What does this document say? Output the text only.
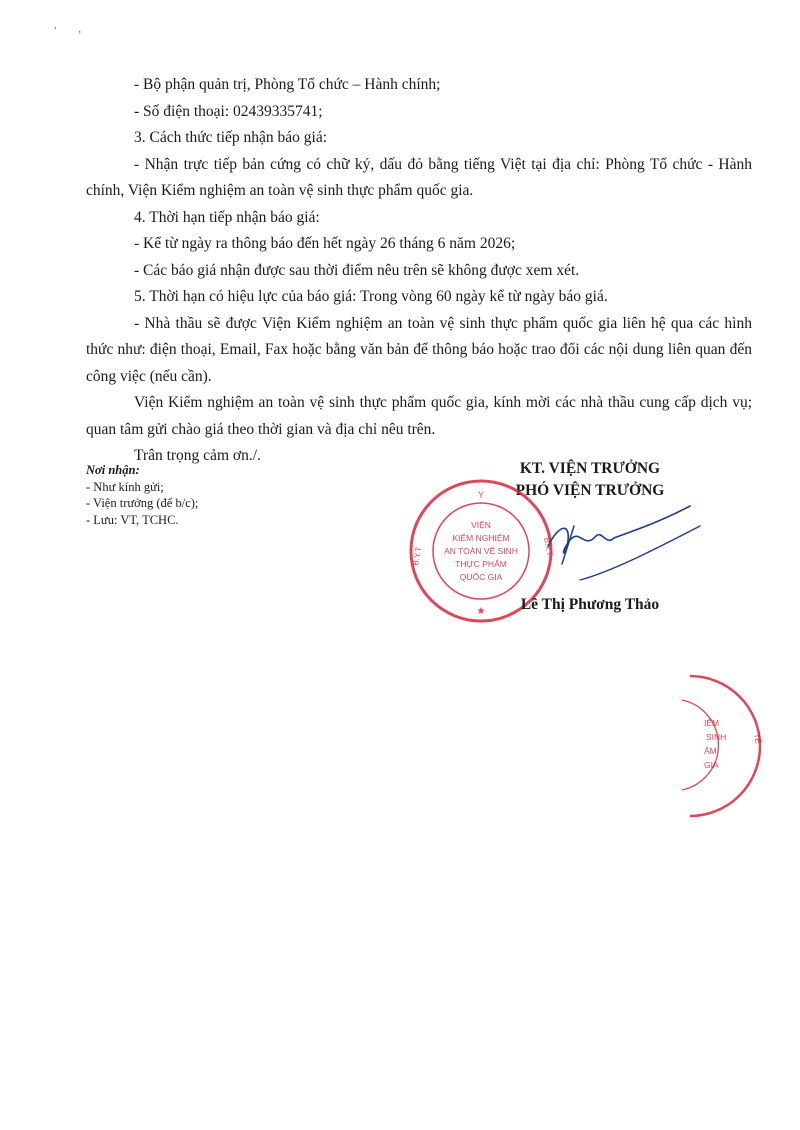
,
’

- Bộ phận quản trị, Phòng Tổ chức – Hành chính;

- Số điện thoại: 02439335741;

3. Cách thức tiếp nhận báo giá:

- Nhận trực tiếp bản cứng có chữ ký, dấu đỏ bằng tiếng Việt tại địa chỉ: Phòng Tổ chức - Hành chính, Viện Kiểm nghiệm an toàn vệ sinh thực phẩm quốc gia.

4. Thời hạn tiếp nhận báo giá:

- Kể từ ngày ra thông báo đến hết ngày 26 tháng 6 năm 2026;

- Các báo giá nhận được sau thời điểm nêu trên sẽ không được xem xét.

5. Thời hạn có hiệu lực của báo giá: Trong vòng 60 ngày kể từ ngày báo giá.

- Nhà thầu sẽ được Viện Kiểm nghiệm an toàn vệ sinh thực phẩm quốc gia liên hệ qua các hình thức như: điện thoại, Email, Fax hoặc bằng văn bản để thông báo hoặc trao đổi các nội dung liên quan đến công việc (nếu cần).

Viện Kiểm nghiệm an toàn vệ sinh thực phẩm quốc gia, kính mời các nhà thầu cung cấp dịch vụ; quan tâm gửi chào giá theo thời gian và địa chỉ nêu trên.

Trân trọng cảm ơn./.

Nơi nhận:
- Như kính gửi;
- Viện trưởng (để b/c);
- Lưu: VT, TCHC.
KT. VIỆN TRƯỞNG
PHÓ VIỆN TRƯỞNG
Y
B.Y.T	B.Y.T
VIỆN
KIỂM NGHIỆM
AN TOÀN VỆ SINH
THỰC PHẨM
QUỐC GIA
★	Lê Thị Phương Thảo
IỂM
SINH
ẨM
GIA
TẾ
